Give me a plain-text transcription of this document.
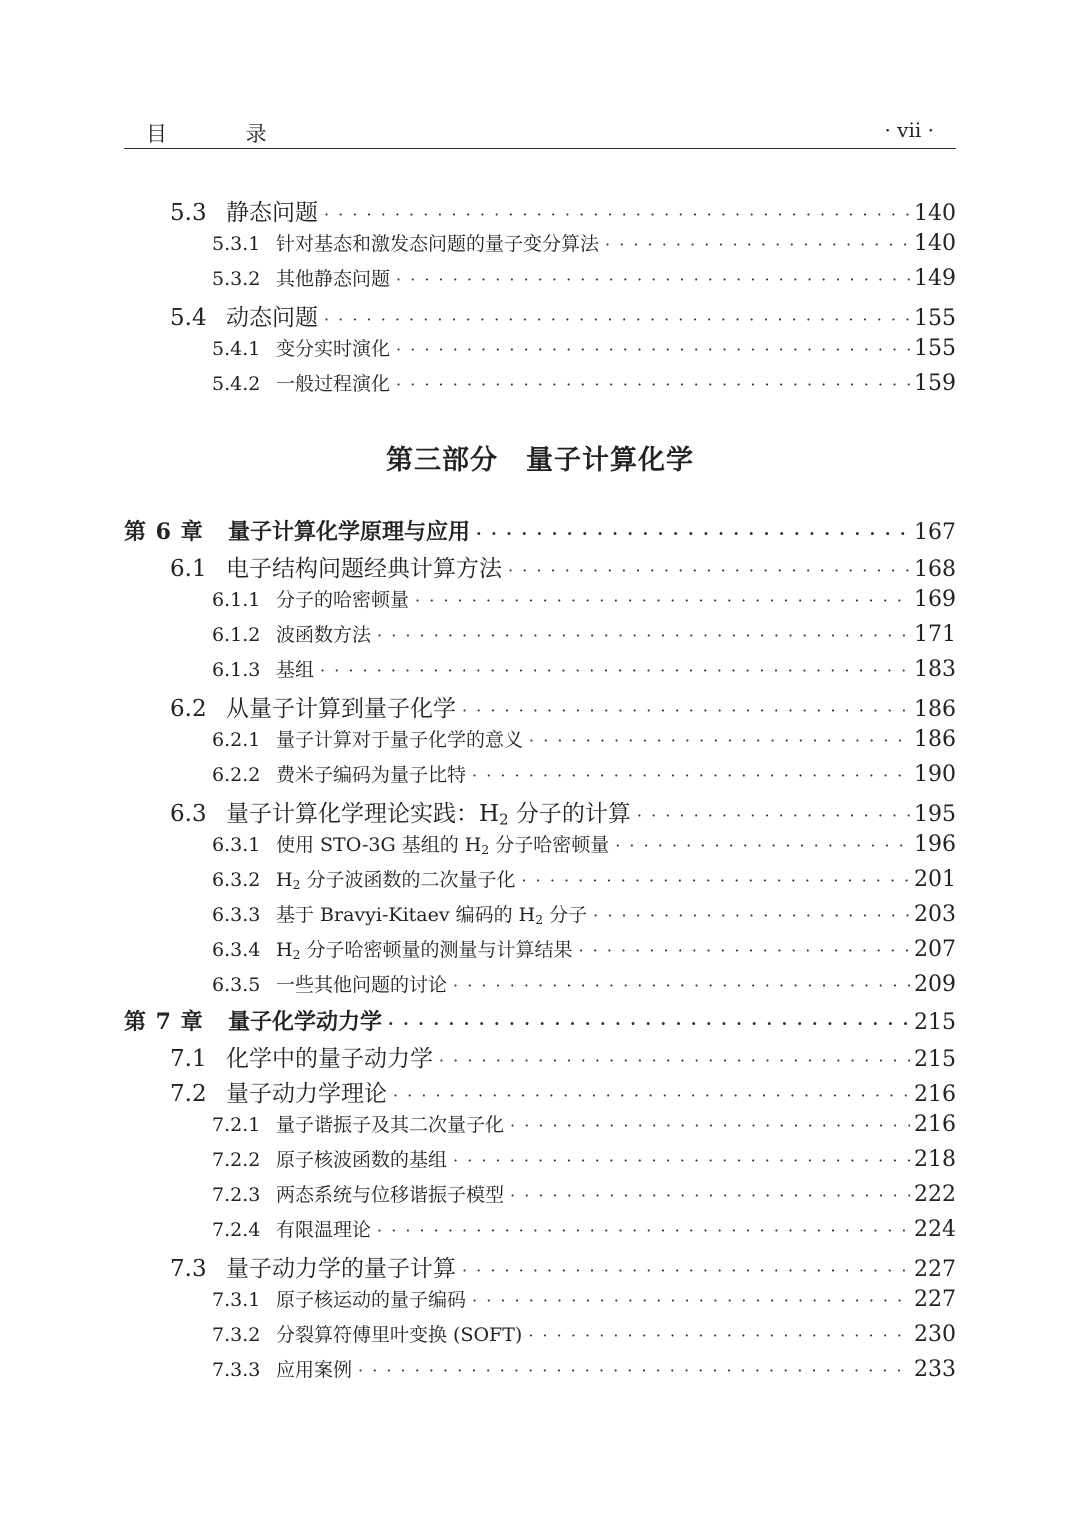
目 录	· vii ·
5.3 静态问题 · · ·	140
5.3.1 针对基态和激发态问题的量子变分算法 · · ·	140
5.3.2 其他静态问题 · · ·	149
5.4 动态问题 · · ·	155
5.4.1 变分实时演化 · · ·	155
5.4.2 一般过程演化 · · ·	159
第 6 章	量子计算化学原理与应用 · · ·	167
6.1 电子结构问题经典计算方法 · · ·	168
6.1.1 分子的哈密顿量 · · ·	169
6.1.2 波函数方法 · · ·	171
6.1.3 基组 · · ·	183
6.2 从量子计算到量子化学 · · ·	186
6.2.1 量子计算对于量子化学的意义 · · ·	186
6.2.2 费米子编码为量子比特 · · ·	190
6.3 量子计算化学理论实践：$H_2$ 分子的计算 · · ·	195
6.3.1 使用 STO-3G 基组的 $H_2$ 分子哈密顿量 · · ·	196
6.3.2 $H_2$ 分子波函数的二次量子化 · · ·	201
6.3.3 基于 Bravyi-Kitaev 编码的 $H_2$ 分子 · · ·	203
6.3.4 $H_2$ 分子哈密顿量的测量与计算结果 · · ·	207
6.3.5 一些其他问题的讨论 · · ·	209
第 7 章	量子化学动力学 · · ·	215
7.1 化学中的量子动力学 · · ·	215
7.2 量子动力学理论 · · ·	216
7.2.1 量子谐振子及其二次量子化 · · ·	216
7.2.2 原子核波函数的基组 · · ·	218
7.2.3 两态系统与位移谐振子模型 · · ·	222
7.2.4 有限温理论 · · ·	224
7.3 量子动力学的量子计算 · · ·	227
7.3.1 原子核运动的量子编码 · · ·	227
7.3.2 分裂算符傅里叶变换 (SOFT) · · ·	230
7.3.3 应用案例 · · ·	233
第三部分 量子计算化学
